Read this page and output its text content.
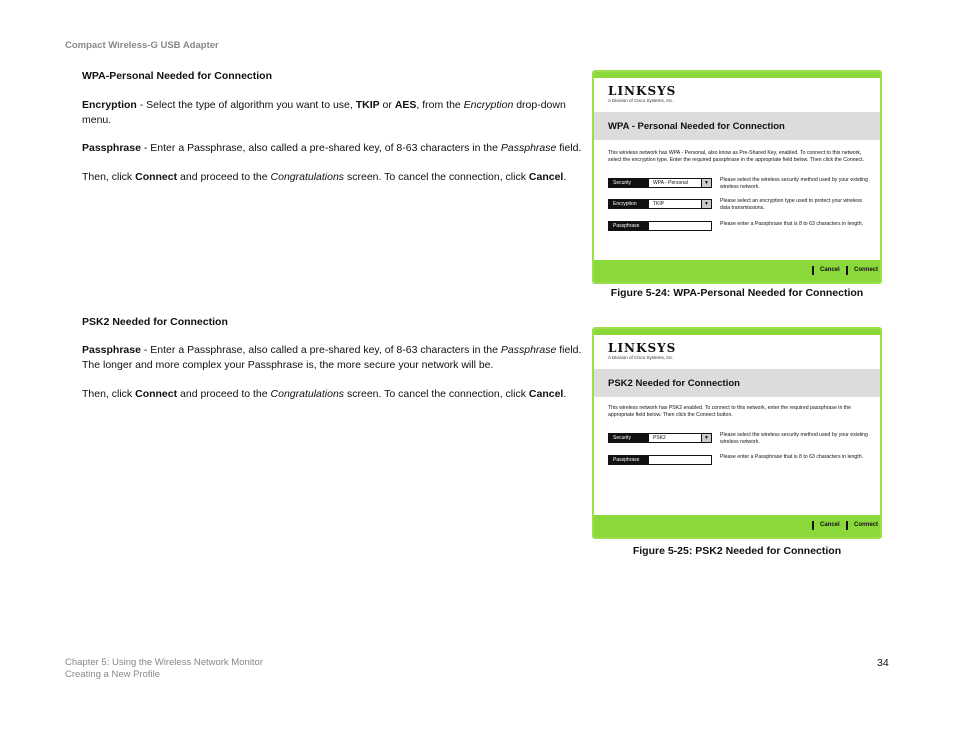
Compact Wireless-G USB Adapter
WPA-Personal Needed for Connection
Encryption - Select the type of algorithm you want to use, TKIP or AES, from the Encryption drop-down menu.
Passphrase - Enter a Passphrase, also called a pre-shared key, of 8-63 characters in the Passphrase field.
Then, click Connect and proceed to the Congratulations screen. To cancel the connection, click Cancel.
LINKSYS
A Division of Cisco Systems, Inc.
WPA - Personal Needed for Connection
This wireless network has WPA - Personal, also know as Pre-Shared Key, enabled. To connect to this network, select the encryption type. Enter the required passphrase in the appropriate field below. Then click the Connect.
Security	WPA - Personal	▼	Please select the wireless security method used by your existing wireless network.
Encryption	TKIP	▼	Please select an encryption type used to protect your wireless data transmissions.
Passphrase	Please enter a Passphrase that is 8 to 63 characters in length.
Cancel	Connect
Figure 5-24: WPA-Personal Needed for Connection
PSK2 Needed for Connection
Passphrase - Enter a Passphrase, also called a pre-shared key, of 8-63 characters in the Passphrase field. The longer and more complex your Passphrase is, the more secure your network will be.
Then, click Connect and proceed to the Congratulations screen. To cancel the connection, click Cancel.
LINKSYS
A Division of Cisco Systems, Inc.
PSK2 Needed for Connection
This wireless network has PSK2 enabled. To connect to this network, enter the required passphrase in the appropriate field below. Then click the Connect button.
Security	PSK2	▼	Please select the wireless security method used by your existing wireless network.
Passphrase	Please enter a Passphrase that is 8 to 63 characters in length.
Cancel	Connect
Figure 5-25: PSK2 Needed for Connection
Chapter 5: Using the Wireless Network Monitor
Creating a New Profile
34
